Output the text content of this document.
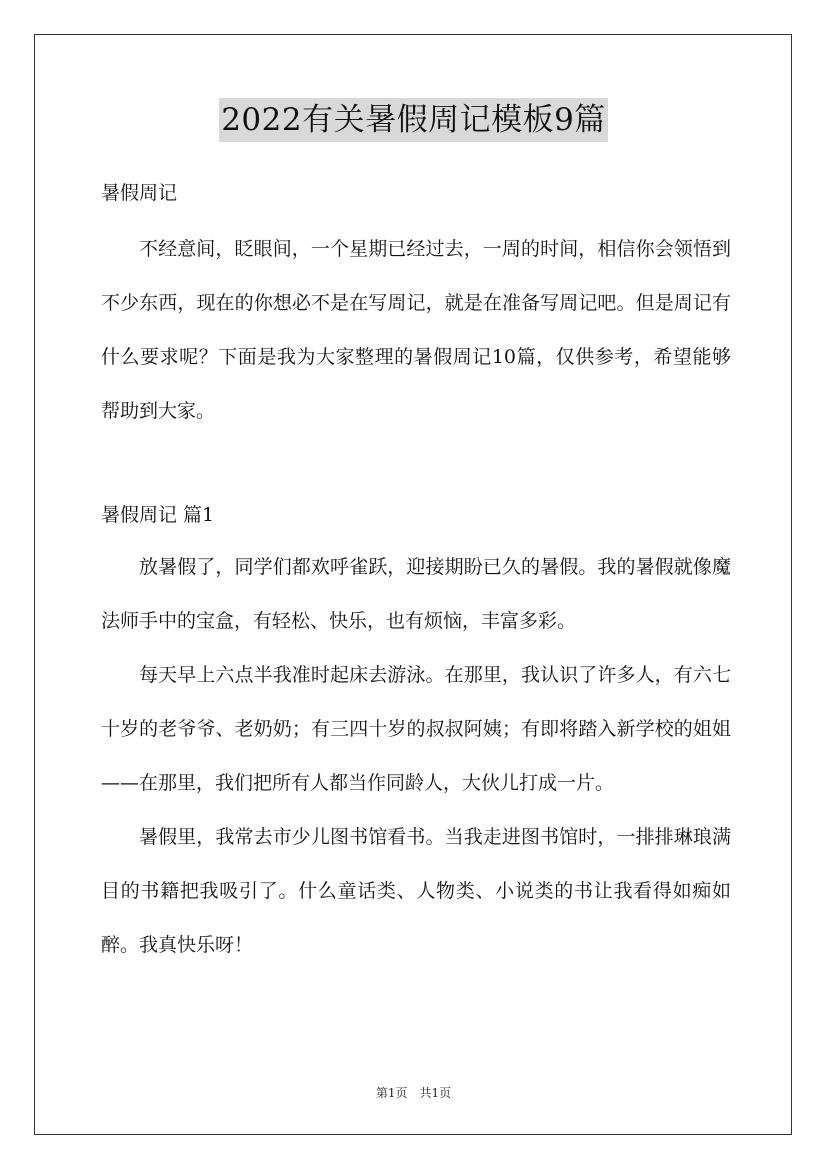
2022有关暑假周记模板9篇

暑假周记

不经意间，眨眼间，一个星期已经过去，一周的时间，相信你会领悟到不少东西，现在的你想必不是在写周记，就是在准备写周记吧。但是周记有什么要求呢？下面是我为大家整理的暑假周记10篇，仅供参考，希望能够帮助到大家。

暑假周记 篇1

放暑假了，同学们都欢呼雀跃，迎接期盼已久的暑假。我的暑假就像魔法师手中的宝盒，有轻松、快乐，也有烦恼，丰富多彩。

每天早上六点半我准时起床去游泳。在那里，我认识了许多人，有六七十岁的老爷爷、老奶奶；有三四十岁的叔叔阿姨；有即将踏入新学校的姐姐——在那里，我们把所有人都当作同龄人，大伙儿打成一片。

暑假里，我常去市少儿图书馆看书。当我走进图书馆时，一排排琳琅满目的书籍把我吸引了。什么童话类、人物类、小说类的书让我看得如痴如醉。我真快乐呀！

第1页　共1页
